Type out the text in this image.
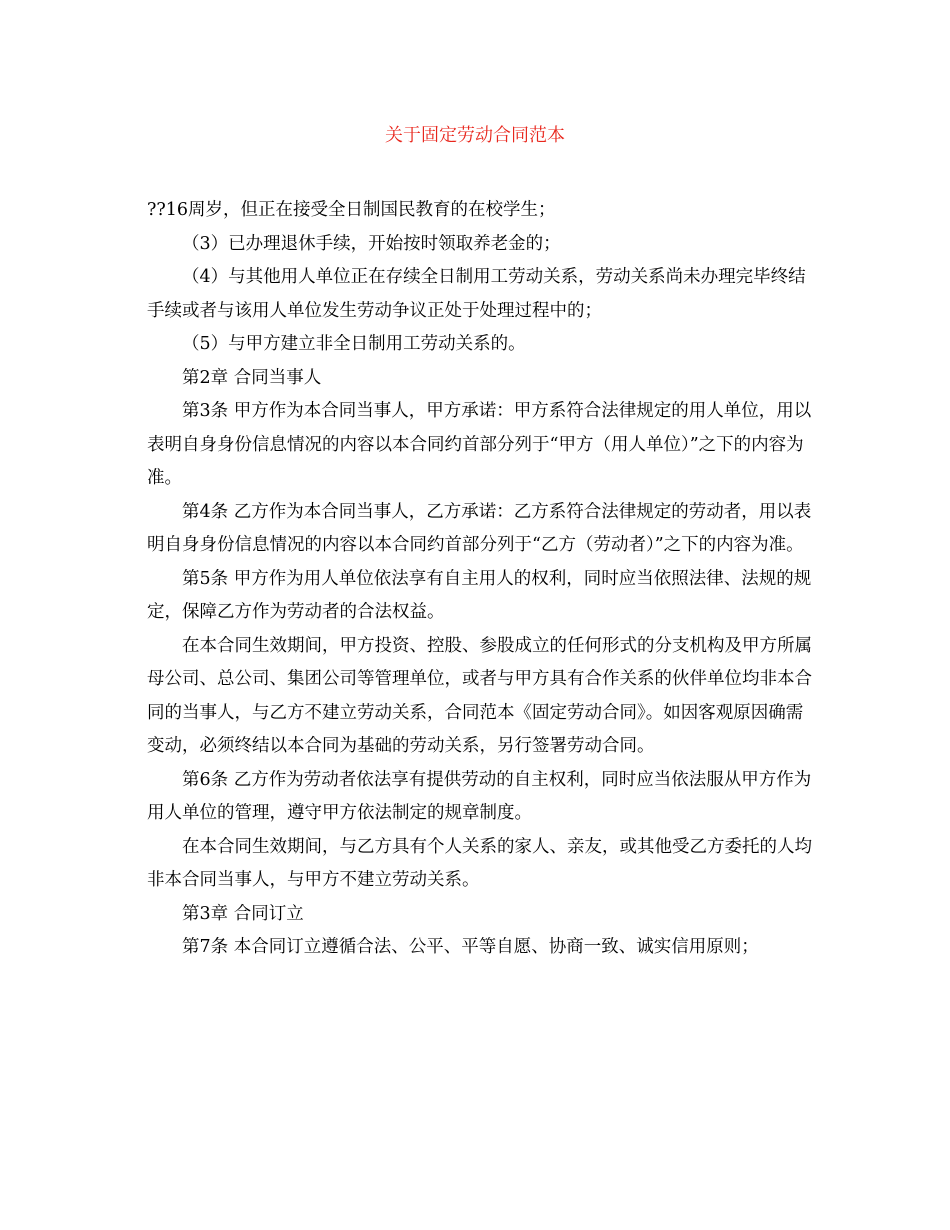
关于固定劳动合同范本

??16周岁，但正在接受全日制国民教育的在校学生；

（3）已办理退休手续，开始按时领取养老金的；

（4）与其他用人单位正在存续全日制用工劳动关系，劳动关系尚未办理完毕终结手续或者与该用人单位发生劳动争议正处于处理过程中的；

（5）与甲方建立非全日制用工劳动关系的。

第2章 合同当事人

第3条 甲方作为本合同当事人，甲方承诺：甲方系符合法律规定的用人单位，用以表明自身身份信息情况的内容以本合同约首部分列于“甲方（用人单位）”之下的内容为准。

第4条 乙方作为本合同当事人，乙方承诺：乙方系符合法律规定的劳动者，用以表明自身身份信息情况的内容以本合同约首部分列于“乙方（劳动者）”之下的内容为准。

第5条 甲方作为用人单位依法享有自主用人的权利，同时应当依照法律、法规的规定，保障乙方作为劳动者的合法权益。

在本合同生效期间，甲方投资、控股、参股成立的任何形式的分支机构及甲方所属母公司、总公司、集团公司等管理单位，或者与甲方具有合作关系的伙伴单位均非本合同的当事人，与乙方不建立劳动关系，合同范本《固定劳动合同》。如因客观原因确需变动，必须终结以本合同为基础的劳动关系，另行签署劳动合同。

第6条 乙方作为劳动者依法享有提供劳动的自主权利，同时应当依法服从甲方作为用人单位的管理，遵守甲方依法制定的规章制度。

在本合同生效期间，与乙方具有个人关系的家人、亲友，或其他受乙方委托的人均非本合同当事人，与甲方不建立劳动关系。

第3章 合同订立

第7条 本合同订立遵循合法、公平、平等自愿、协商一致、诚实信用原则；
